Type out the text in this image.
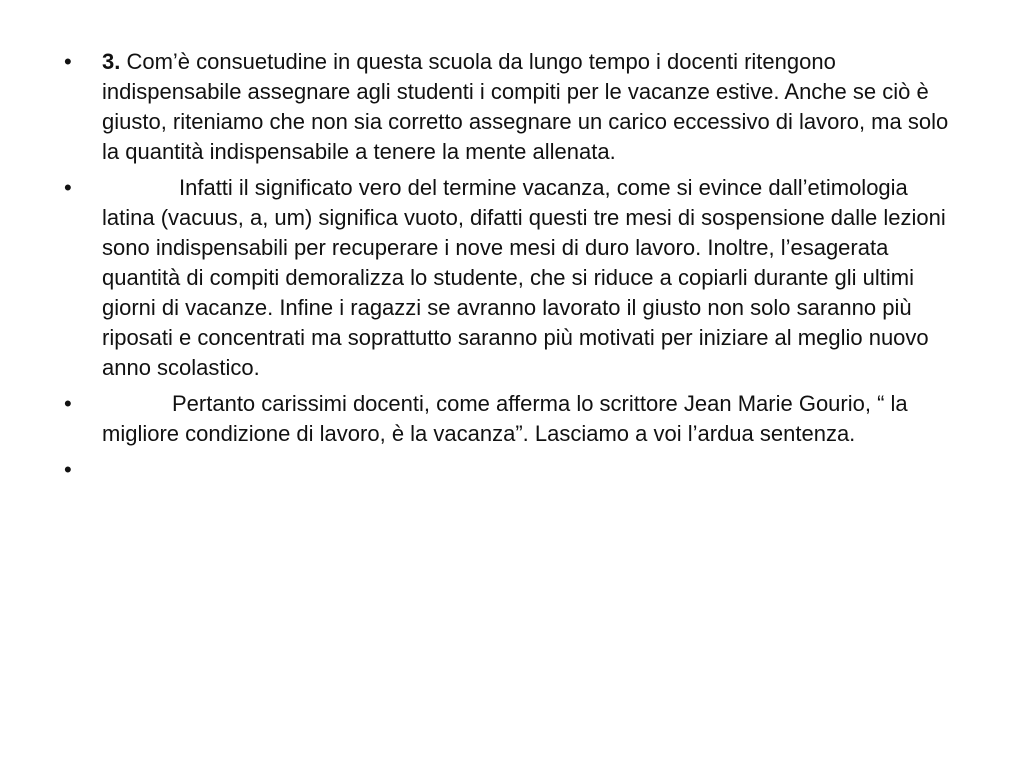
• 3. Com’è consuetudine in questa scuola da lungo tempo i docenti ritengono indispensabile assegnare agli studenti i compiti per le vacanze estive. Anche se ciò è giusto, riteniamo che non sia corretto assegnare un carico eccessivo di lavoro, ma solo la quantità indispensabile a tenere la mente allenata.
•	Infatti il significato vero del termine vacanza, come si evince dall’etimologia latina (vacuus, a, um) significa vuoto, difatti questi tre mesi di sospensione dalle lezioni sono indispensabili per recuperare i nove mesi di duro lavoro. Inoltre, l’esagerata quantità di compiti demoralizza lo studente, che si riduce a copiarli durante gli ultimi giorni di vacanze. Infine i ragazzi se avranno lavorato il giusto non solo saranno più riposati e concentrati ma soprattutto saranno più motivati per iniziare al meglio nuovo anno scolastico.
•	Pertanto carissimi docenti, come afferma lo scrittore Jean Marie Gourio, “ la migliore condizione di lavoro, è la vacanza”. Lasciamo a voi l’ardua sentenza.
•
